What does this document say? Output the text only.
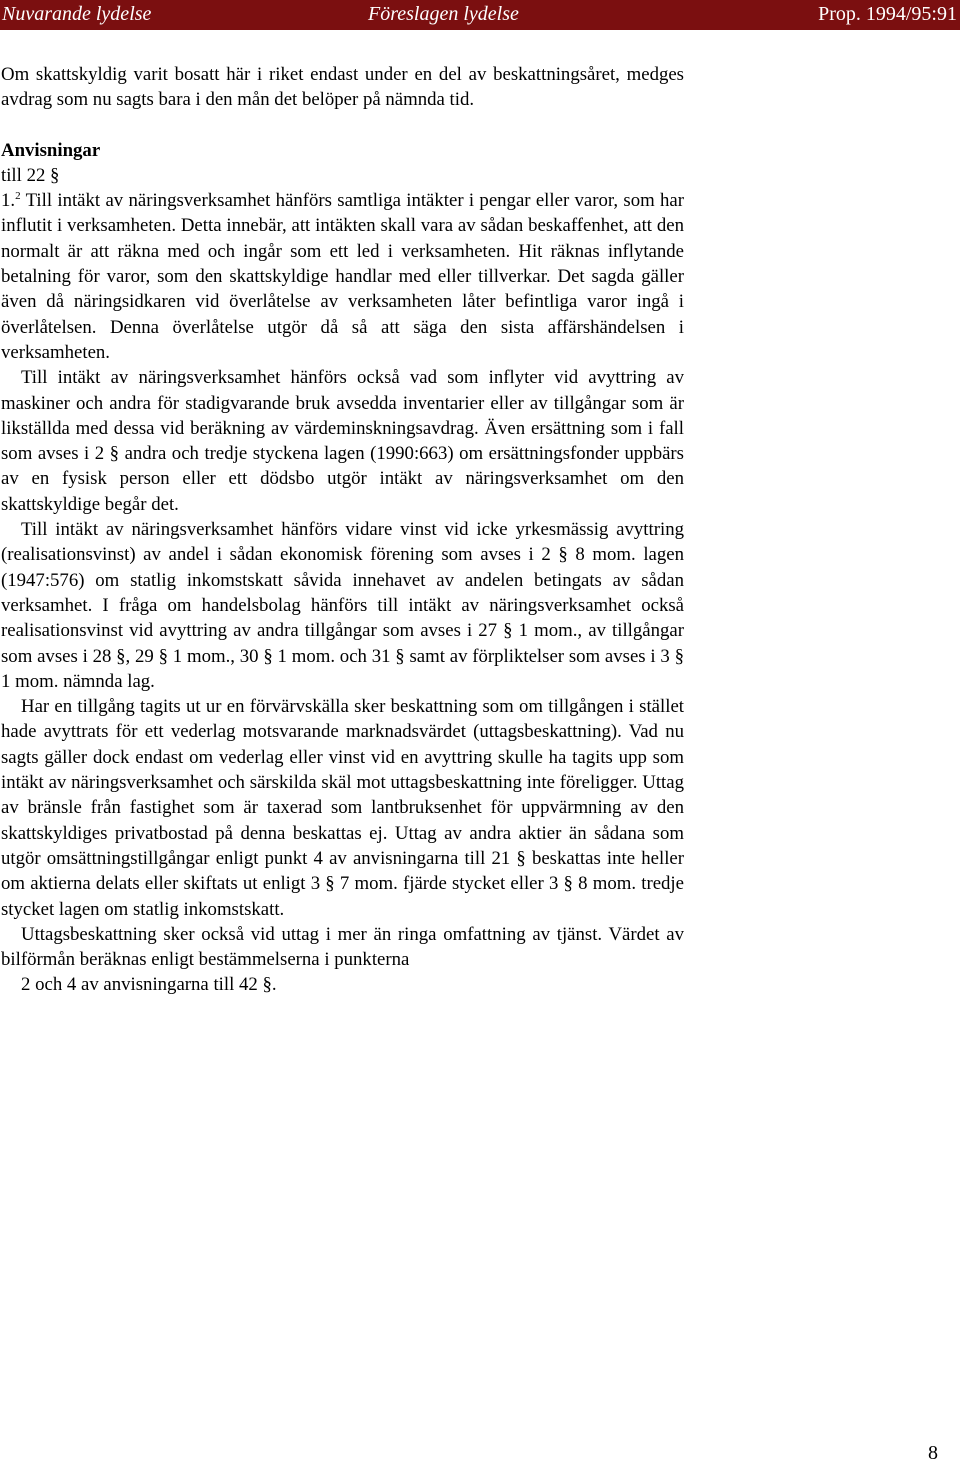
Nuvarande lydelse	Föreslagen lydelse	Prop. 1994/95:91

Om skattskyldig varit bosatt här i riket endast under en del av beskattningsåret, medges avdrag som nu sagts bara i den mån det belöper på nämnda tid.

Anvisningar
till 22 §

1.$^2$ Till intäkt av näringsverksamhet hänförs samtliga intäkter i pengar eller varor, som har influtit i verksamheten. Detta innebär, att intäkten skall vara av sådan beskaffenhet, att den normalt är att räkna med och ingår som ett led i verksamheten. Hit räknas inflytande betalning för varor, som den skattskyldige handlar med eller tillverkar. Det sagda gäller även då näringsidkaren vid överlåtelse av verksamheten låter befintliga varor ingå i överlåtelsen. Denna överlåtelse utgör då så att säga den sista affärshändelsen i verksamheten.

Till intäkt av näringsverksamhet hänförs också vad som inflyter vid avyttring av maskiner och andra för stadigvarande bruk avsedda inventarier eller av tillgångar som är likställda med dessa vid beräkning av värdeminskningsavdrag. Även ersättning som i fall som avses i 2 § andra och tredje styckena lagen (1990:663) om ersättningsfonder uppbärs av en fysisk person eller ett dödsbo utgör intäkt av näringsverksamhet om den skattskyldige begår det.

Till intäkt av näringsverksamhet hänförs vidare vinst vid icke yrkesmässig avyttring (realisationsvinst) av andel i sådan ekonomisk förening som avses i 2 § 8 mom. lagen (1947:576) om statlig inkomstskatt såvida innehavet av andelen betingats av sådan verksamhet. I fråga om handelsbolag hänförs till intäkt av näringsverksamhet också realisationsvinst vid avyttring av andra tillgångar som avses i 27 § 1 mom., av tillgångar som avses i 28 §, 29 § 1 mom., 30 § 1 mom. och 31 § samt av förpliktelser som avses i 3 § 1 mom. nämnda lag.

Har en tillgång tagits ut ur en förvärvskälla sker beskattning som om tillgången i stället hade avyttrats för ett vederlag motsvarande marknadsvärdet (uttagsbeskattning). Vad nu sagts gäller dock endast om vederlag eller vinst vid en avyttring skulle ha tagits upp som intäkt av näringsverksamhet och särskilda skäl mot uttagsbeskattning inte föreligger. Uttag av bränsle från fastighet som är taxerad som lantbruksenhet för uppvärmning av den skattskyldiges privatbostad på denna beskattas ej. Uttag av andra aktier än sådana som utgör omsättningstillgångar enligt punkt 4 av anvisningarna till 21 § beskattas inte heller om aktierna delats eller skiftats ut enligt 3 § 7 mom. fjärde stycket eller 3 § 8 mom. tredje stycket lagen om statlig inkomstskatt.

Uttagsbeskattning sker också vid uttag i mer än ringa omfattning av tjänst. Värdet av bilförmån beräknas enligt bestämmelserna i punkterna

2 och 4 av anvisningarna till 42 §.

8
